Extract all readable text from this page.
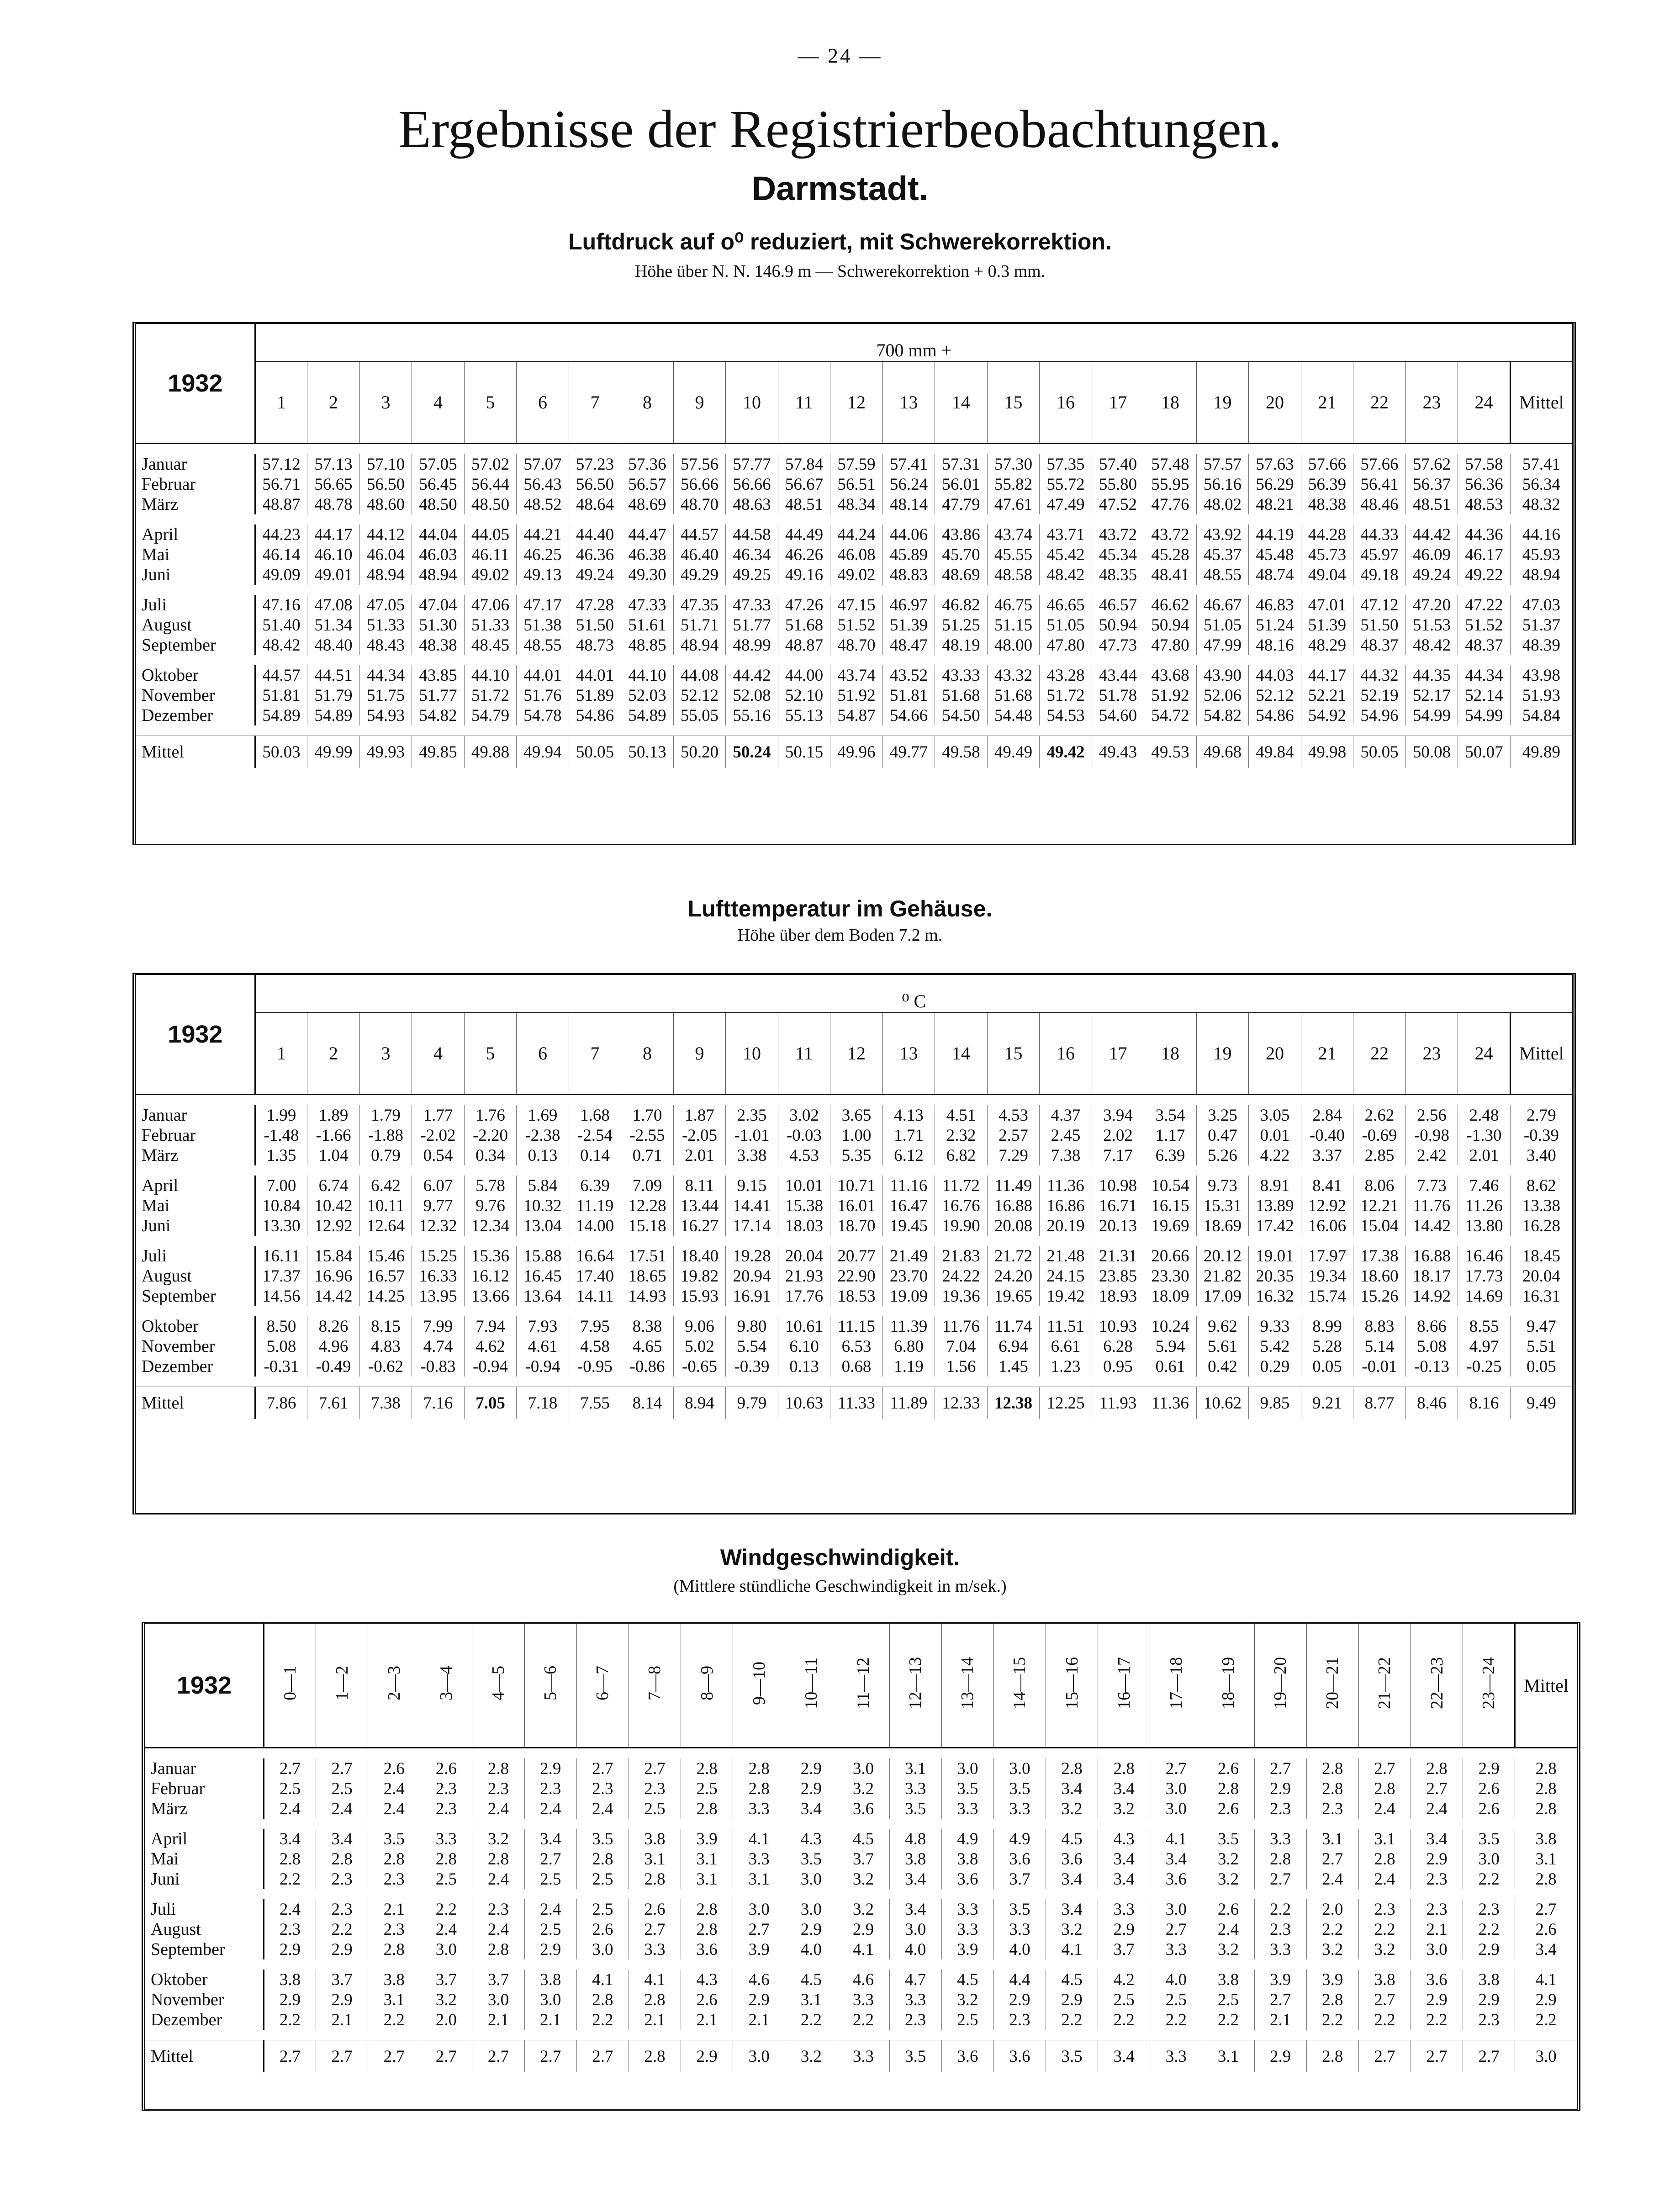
— 24 —
Ergebnisse der Registrierbeobachtungen.
Darmstadt.
Luftdruck auf o⁰ reduziert, mit Schwerekorrektion.
Höhe über N. N. 146.9 m — Schwerekorrektion + 0.3 mm.
1932	700 mm +																								
	1	2	3	4	5	6	7	8	9	10	11	12	13	14	15	16	17	18	19	20	21	22	23	24	Mittel

Januar	57.12	57.13	57.10	57.05	57.02	57.07	57.23	57.36	57.56	57.77	57.84	57.59	57.41	57.31	57.30	57.35	57.40	57.48	57.57	57.63	57.66	57.66	57.62	57.58	57.41
Februar	56.71	56.65	56.50	56.45	56.44	56.43	56.50	56.57	56.66	56.66	56.67	56.51	56.24	56.01	55.82	55.72	55.80	55.95	56.16	56.29	56.39	56.41	56.37	56.36	56.34
März	48.87	48.78	48.60	48.50	48.50	48.52	48.64	48.69	48.70	48.63	48.51	48.34	48.14	47.79	47.61	47.49	47.52	47.76	48.02	48.21	48.38	48.46	48.51	48.53	48.32

April	44.23	44.17	44.12	44.04	44.05	44.21	44.40	44.47	44.57	44.58	44.49	44.24	44.06	43.86	43.74	43.71	43.72	43.72	43.92	44.19	44.28	44.33	44.42	44.36	44.16
Mai	46.14	46.10	46.04	46.03	46.11	46.25	46.36	46.38	46.40	46.34	46.26	46.08	45.89	45.70	45.55	45.42	45.34	45.28	45.37	45.48	45.73	45.97	46.09	46.17	45.93
Juni	49.09	49.01	48.94	48.94	49.02	49.13	49.24	49.30	49.29	49.25	49.16	49.02	48.83	48.69	48.58	48.42	48.35	48.41	48.55	48.74	49.04	49.18	49.24	49.22	48.94

Juli	47.16	47.08	47.05	47.04	47.06	47.17	47.28	47.33	47.35	47.33	47.26	47.15	46.97	46.82	46.75	46.65	46.57	46.62	46.67	46.83	47.01	47.12	47.20	47.22	47.03
August	51.40	51.34	51.33	51.30	51.33	51.38	51.50	51.61	51.71	51.77	51.68	51.52	51.39	51.25	51.15	51.05	50.94	50.94	51.05	51.24	51.39	51.50	51.53	51.52	51.37
September	48.42	48.40	48.43	48.38	48.45	48.55	48.73	48.85	48.94	48.99	48.87	48.70	48.47	48.19	48.00	47.80	47.73	47.80	47.99	48.16	48.29	48.37	48.42	48.37	48.39

Oktober	44.57	44.51	44.34	43.85	44.10	44.01	44.01	44.10	44.08	44.42	44.00	43.74	43.52	43.33	43.32	43.28	43.44	43.68	43.90	44.03	44.17	44.32	44.35	44.34	43.98
November	51.81	51.79	51.75	51.77	51.72	51.76	51.89	52.03	52.12	52.08	52.10	51.92	51.81	51.68	51.68	51.72	51.78	51.92	52.06	52.12	52.21	52.19	52.17	52.14	51.93
Dezember	54.89	54.89	54.93	54.82	54.79	54.78	54.86	54.89	55.05	55.16	55.13	54.87	54.66	54.50	54.48	54.53	54.60	54.72	54.82	54.86	54.92	54.96	54.99	54.99	54.84

Mittel	50.03	49.99	49.93	49.85	49.88	49.94	50.05	50.13	50.20	50.24	50.15	49.96	49.77	49.58	49.49	49.42	49.43	49.53	49.68	49.84	49.98	50.05	50.08	50.07	49.89
Lufttemperatur im Gehäuse.
Höhe über dem Boden 7.2 m.
1932	⁰ C																								
	1	2	3	4	5	6	7	8	9	10	11	12	13	14	15	16	17	18	19	20	21	22	23	24	Mittel

Januar	1.99	1.89	1.79	1.77	1.76	1.69	1.68	1.70	1.87	2.35	3.02	3.65	4.13	4.51	4.53	4.37	3.94	3.54	3.25	3.05	2.84	2.62	2.56	2.48	2.79
Februar	-1.48	-1.66	-1.88	-2.02	-2.20	-2.38	-2.54	-2.55	-2.05	-1.01	-0.03	1.00	1.71	2.32	2.57	2.45	2.02	1.17	0.47	0.01	-0.40	-0.69	-0.98	-1.30	-0.39
März	1.35	1.04	0.79	0.54	0.34	0.13	0.14	0.71	2.01	3.38	4.53	5.35	6.12	6.82	7.29	7.38	7.17	6.39	5.26	4.22	3.37	2.85	2.42	2.01	3.40

April	7.00	6.74	6.42	6.07	5.78	5.84	6.39	7.09	8.11	9.15	10.01	10.71	11.16	11.72	11.49	11.36	10.98	10.54	9.73	8.91	8.41	8.06	7.73	7.46	8.62
Mai	10.84	10.42	10.11	9.77	9.76	10.32	11.19	12.28	13.44	14.41	15.38	16.01	16.47	16.76	16.88	16.86	16.71	16.15	15.31	13.89	12.92	12.21	11.76	11.26	13.38
Juni	13.30	12.92	12.64	12.32	12.34	13.04	14.00	15.18	16.27	17.14	18.03	18.70	19.45	19.90	20.08	20.19	20.13	19.69	18.69	17.42	16.06	15.04	14.42	13.80	16.28

Juli	16.11	15.84	15.46	15.25	15.36	15.88	16.64	17.51	18.40	19.28	20.04	20.77	21.49	21.83	21.72	21.48	21.31	20.66	20.12	19.01	17.97	17.38	16.88	16.46	18.45
August	17.37	16.96	16.57	16.33	16.12	16.45	17.40	18.65	19.82	20.94	21.93	22.90	23.70	24.22	24.20	24.15	23.85	23.30	21.82	20.35	19.34	18.60	18.17	17.73	20.04
September	14.56	14.42	14.25	13.95	13.66	13.64	14.11	14.93	15.93	16.91	17.76	18.53	19.09	19.36	19.65	19.42	18.93	18.09	17.09	16.32	15.74	15.26	14.92	14.69	16.31

Oktober	8.50	8.26	8.15	7.99	7.94	7.93	7.95	8.38	9.06	9.80	10.61	11.15	11.39	11.76	11.74	11.51	10.93	10.24	9.62	9.33	8.99	8.83	8.66	8.55	9.47
November	5.08	4.96	4.83	4.74	4.62	4.61	4.58	4.65	5.02	5.54	6.10	6.53	6.80	7.04	6.94	6.61	6.28	5.94	5.61	5.42	5.28	5.14	5.08	4.97	5.51
Dezember	-0.31	-0.49	-0.62	-0.83	-0.94	-0.94	-0.95	-0.86	-0.65	-0.39	0.13	0.68	1.19	1.56	1.45	1.23	0.95	0.61	0.42	0.29	0.05	-0.01	-0.13	-0.25	0.05

Mittel	7.86	7.61	7.38	7.16	7.05	7.18	7.55	8.14	8.94	9.79	10.63	11.33	11.89	12.33	12.38	12.25	11.93	11.36	10.62	9.85	9.21	8.77	8.46	8.16	9.49
Windgeschwindigkeit.
(Mittlere stündliche Geschwindigkeit in m/sek.)
1932	0—1	1—2	2—3	3—4	4—5	5—6	6—7	7—8	8—9	9—10	10—11	11—12	12—13	13—14	14—15	15—16	16—17	17—18	18—19	19—20	20—21	21—22	22—23	23—24	Mittel

Januar	2.7	2.7	2.6	2.6	2.8	2.9	2.7	2.7	2.8	2.8	2.9	3.0	3.1	3.0	3.0	2.8	2.8	2.7	2.6	2.7	2.8	2.7	2.8	2.9	2.8
Februar	2.5	2.5	2.4	2.3	2.3	2.3	2.3	2.3	2.5	2.8	2.9	3.2	3.3	3.5	3.5	3.4	3.4	3.0	2.8	2.9	2.8	2.8	2.7	2.6	2.8
März	2.4	2.4	2.4	2.3	2.4	2.4	2.4	2.5	2.8	3.3	3.4	3.6	3.5	3.3	3.3	3.2	3.2	3.0	2.6	2.3	2.3	2.4	2.4	2.6	2.8

April	3.4	3.4	3.5	3.3	3.2	3.4	3.5	3.8	3.9	4.1	4.3	4.5	4.8	4.9	4.9	4.5	4.3	4.1	3.5	3.3	3.1	3.1	3.4	3.5	3.8
Mai	2.8	2.8	2.8	2.8	2.8	2.7	2.8	3.1	3.1	3.3	3.5	3.7	3.8	3.8	3.6	3.6	3.4	3.4	3.2	2.8	2.7	2.8	2.9	3.0	3.1
Juni	2.2	2.3	2.3	2.5	2.4	2.5	2.5	2.8	3.1	3.1	3.0	3.2	3.4	3.6	3.7	3.4	3.4	3.6	3.2	2.7	2.4	2.4	2.3	2.2	2.8

Juli	2.4	2.3	2.1	2.2	2.3	2.4	2.5	2.6	2.8	3.0	3.0	3.2	3.4	3.3	3.5	3.4	3.3	3.0	2.6	2.2	2.0	2.3	2.3	2.3	2.7
August	2.3	2.2	2.3	2.4	2.4	2.5	2.6	2.7	2.8	2.7	2.9	2.9	3.0	3.3	3.3	3.2	2.9	2.7	2.4	2.3	2.2	2.2	2.1	2.2	2.6
September	2.9	2.9	2.8	3.0	2.8	2.9	3.0	3.3	3.6	3.9	4.0	4.1	4.0	3.9	4.0	4.1	3.7	3.3	3.2	3.3	3.2	3.2	3.0	2.9	3.4

Oktober	3.8	3.7	3.8	3.7	3.7	3.8	4.1	4.1	4.3	4.6	4.5	4.6	4.7	4.5	4.4	4.5	4.2	4.0	3.8	3.9	3.9	3.8	3.6	3.8	4.1
November	2.9	2.9	3.1	3.2	3.0	3.0	2.8	2.8	2.6	2.9	3.1	3.3	3.3	3.2	2.9	2.9	2.5	2.5	2.5	2.7	2.8	2.7	2.9	2.9	2.9
Dezember	2.2	2.1	2.2	2.0	2.1	2.1	2.2	2.1	2.1	2.1	2.2	2.2	2.3	2.5	2.3	2.2	2.2	2.2	2.2	2.1	2.2	2.2	2.2	2.3	2.2

Mittel	2.7	2.7	2.7	2.7	2.7	2.7	2.7	2.8	2.9	3.0	3.2	3.3	3.5	3.6	3.6	3.5	3.4	3.3	3.1	2.9	2.8	2.7	2.7	2.7	3.0
